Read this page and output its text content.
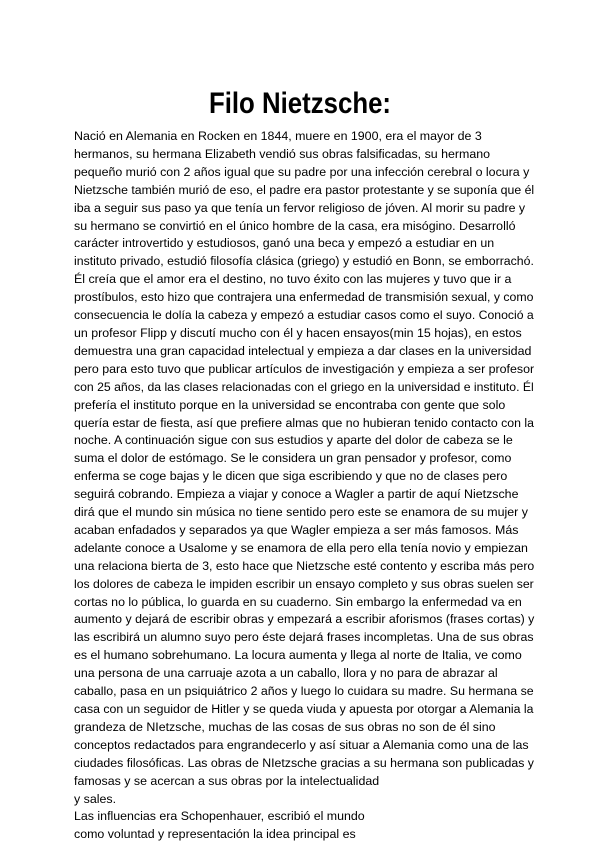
Filo Nietzsche:
Nació en Alemania en Rocken en 1844, muere en 1900, era el mayor de 3
hermanos, su hermana Elizabeth vendió sus obras falsificadas, su hermano
pequeño murió con 2 años igual que su padre por una infección cerebral o locura y
Nietzsche también murió de eso, el padre era pastor protestante y se suponía que él
iba a seguir sus paso ya que tenía un fervor religioso de jóven. Al morir su padre y
su hermano se convirtió en el único hombre de la casa, era misógino. Desarrolló
carácter introvertido y estudiosos, ganó una beca y empezó a estudiar en un
instituto privado, estudió filosofía clásica (griego) y estudió en Bonn, se emborrachó.
Él creía que el amor era el destino, no tuvo éxito con las mujeres y tuvo que ir a
prostíbulos, esto hizo que contrajera una enfermedad de transmisión sexual, y como
consecuencia le dolía la cabeza y empezó a estudiar casos como el suyo. Conoció a
un profesor Flipp y discutí mucho con él y hacen ensayos(min 15 hojas), en estos
demuestra una gran capacidad intelectual y empieza a dar clases en la universidad
pero para esto tuvo que publicar artículos de investigación y empieza a ser profesor
con 25 años, da las clases relacionadas con el griego en la universidad e instituto. Él
prefería el instituto porque en la universidad se encontraba con gente que solo
quería estar de fiesta, así que prefiere almas que no hubieran tenido contacto con la
noche. A continuación sigue con sus estudios y aparte del dolor de cabeza se le
suma el dolor de estómago. Se le considera un gran pensador y profesor, como
enferma se coge bajas y le dicen que siga escribiendo y que no de clases pero
seguirá cobrando. Empieza a viajar y conoce a Wagler a partir de aquí Nietzsche
dirá que el mundo sin música no tiene sentido pero este se enamora de su mujer y
acaban enfadados y separados ya que Wagler empieza a ser más famosos. Más
adelante conoce a Usalome y se enamora de ella pero ella tenía novio y empiezan
una relaciona bierta de 3, esto hace que Nietzsche esté contento y escriba más pero
los dolores de cabeza le impiden escribir un ensayo completo y sus obras suelen ser
cortas no lo pública, lo guarda en su cuaderno. Sin embargo la enfermedad va en
aumento y dejará de escribir obras y empezará a escribir aforismos (frases cortas) y
las escribirá un alumno suyo pero éste dejará frases incompletas. Una de sus obras
es el humano sobrehumano. La locura aumenta y llega al norte de Italia, ve como
una persona de una carruaje azota a un caballo, llora y no para de abrazar al
caballo, pasa en un psiquiátrico 2 años y luego lo cuidara su madre. Su hermana se
casa con un seguidor de Hitler y se queda viuda y apuesta por otorgar a Alemania la
grandeza de NIetzsche, muchas de las cosas de sus obras no son de él sino
conceptos redactados para engrandecerlo y así situar a Alemania como una de las
ciudades filosóficas. Las obras de NIetzsche gracias a su hermana son publicadas y
famosas y se acercan a sus obras por la intelectualidad
y sales.
Las influencias era Schopenhauer, escribió el mundo
como voluntad y representación la idea principal es
